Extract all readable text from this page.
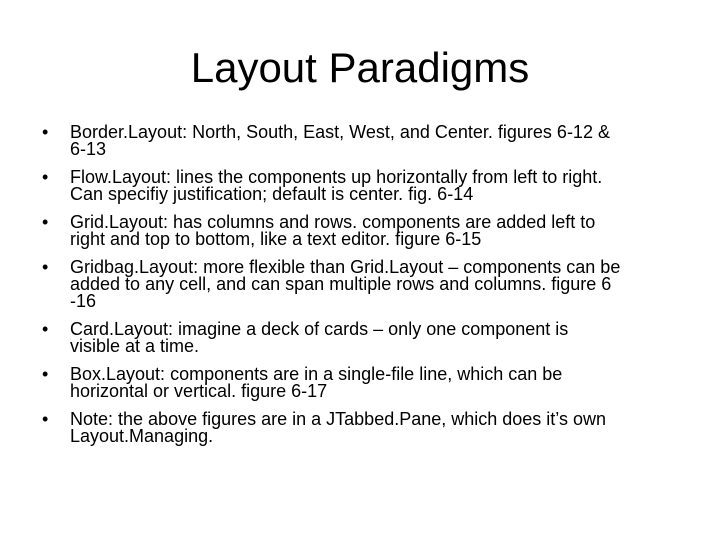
Layout Paradigms
• Border.Layout: North, South, East, West, and Center. figures 6-12 &
6-13
• Flow.Layout: lines the components up horizontally from left to right.
Can specifiy justification; default is center. fig. 6-14
• Grid.Layout: has columns and rows. components are added left to
right and top to bottom, like a text editor. figure 6-15
• Gridbag.Layout: more flexible than Grid.Layout – components can be
added to any cell, and can span multiple rows and columns. figure 6
-16
• Card.Layout: imagine a deck of cards – only one component is
visible at a time.
• Box.Layout: components are in a single-file line, which can be
horizontal or vertical. figure 6-17
• Note: the above figures are in a JTabbed.Pane, which does it’s own
Layout.Managing.
